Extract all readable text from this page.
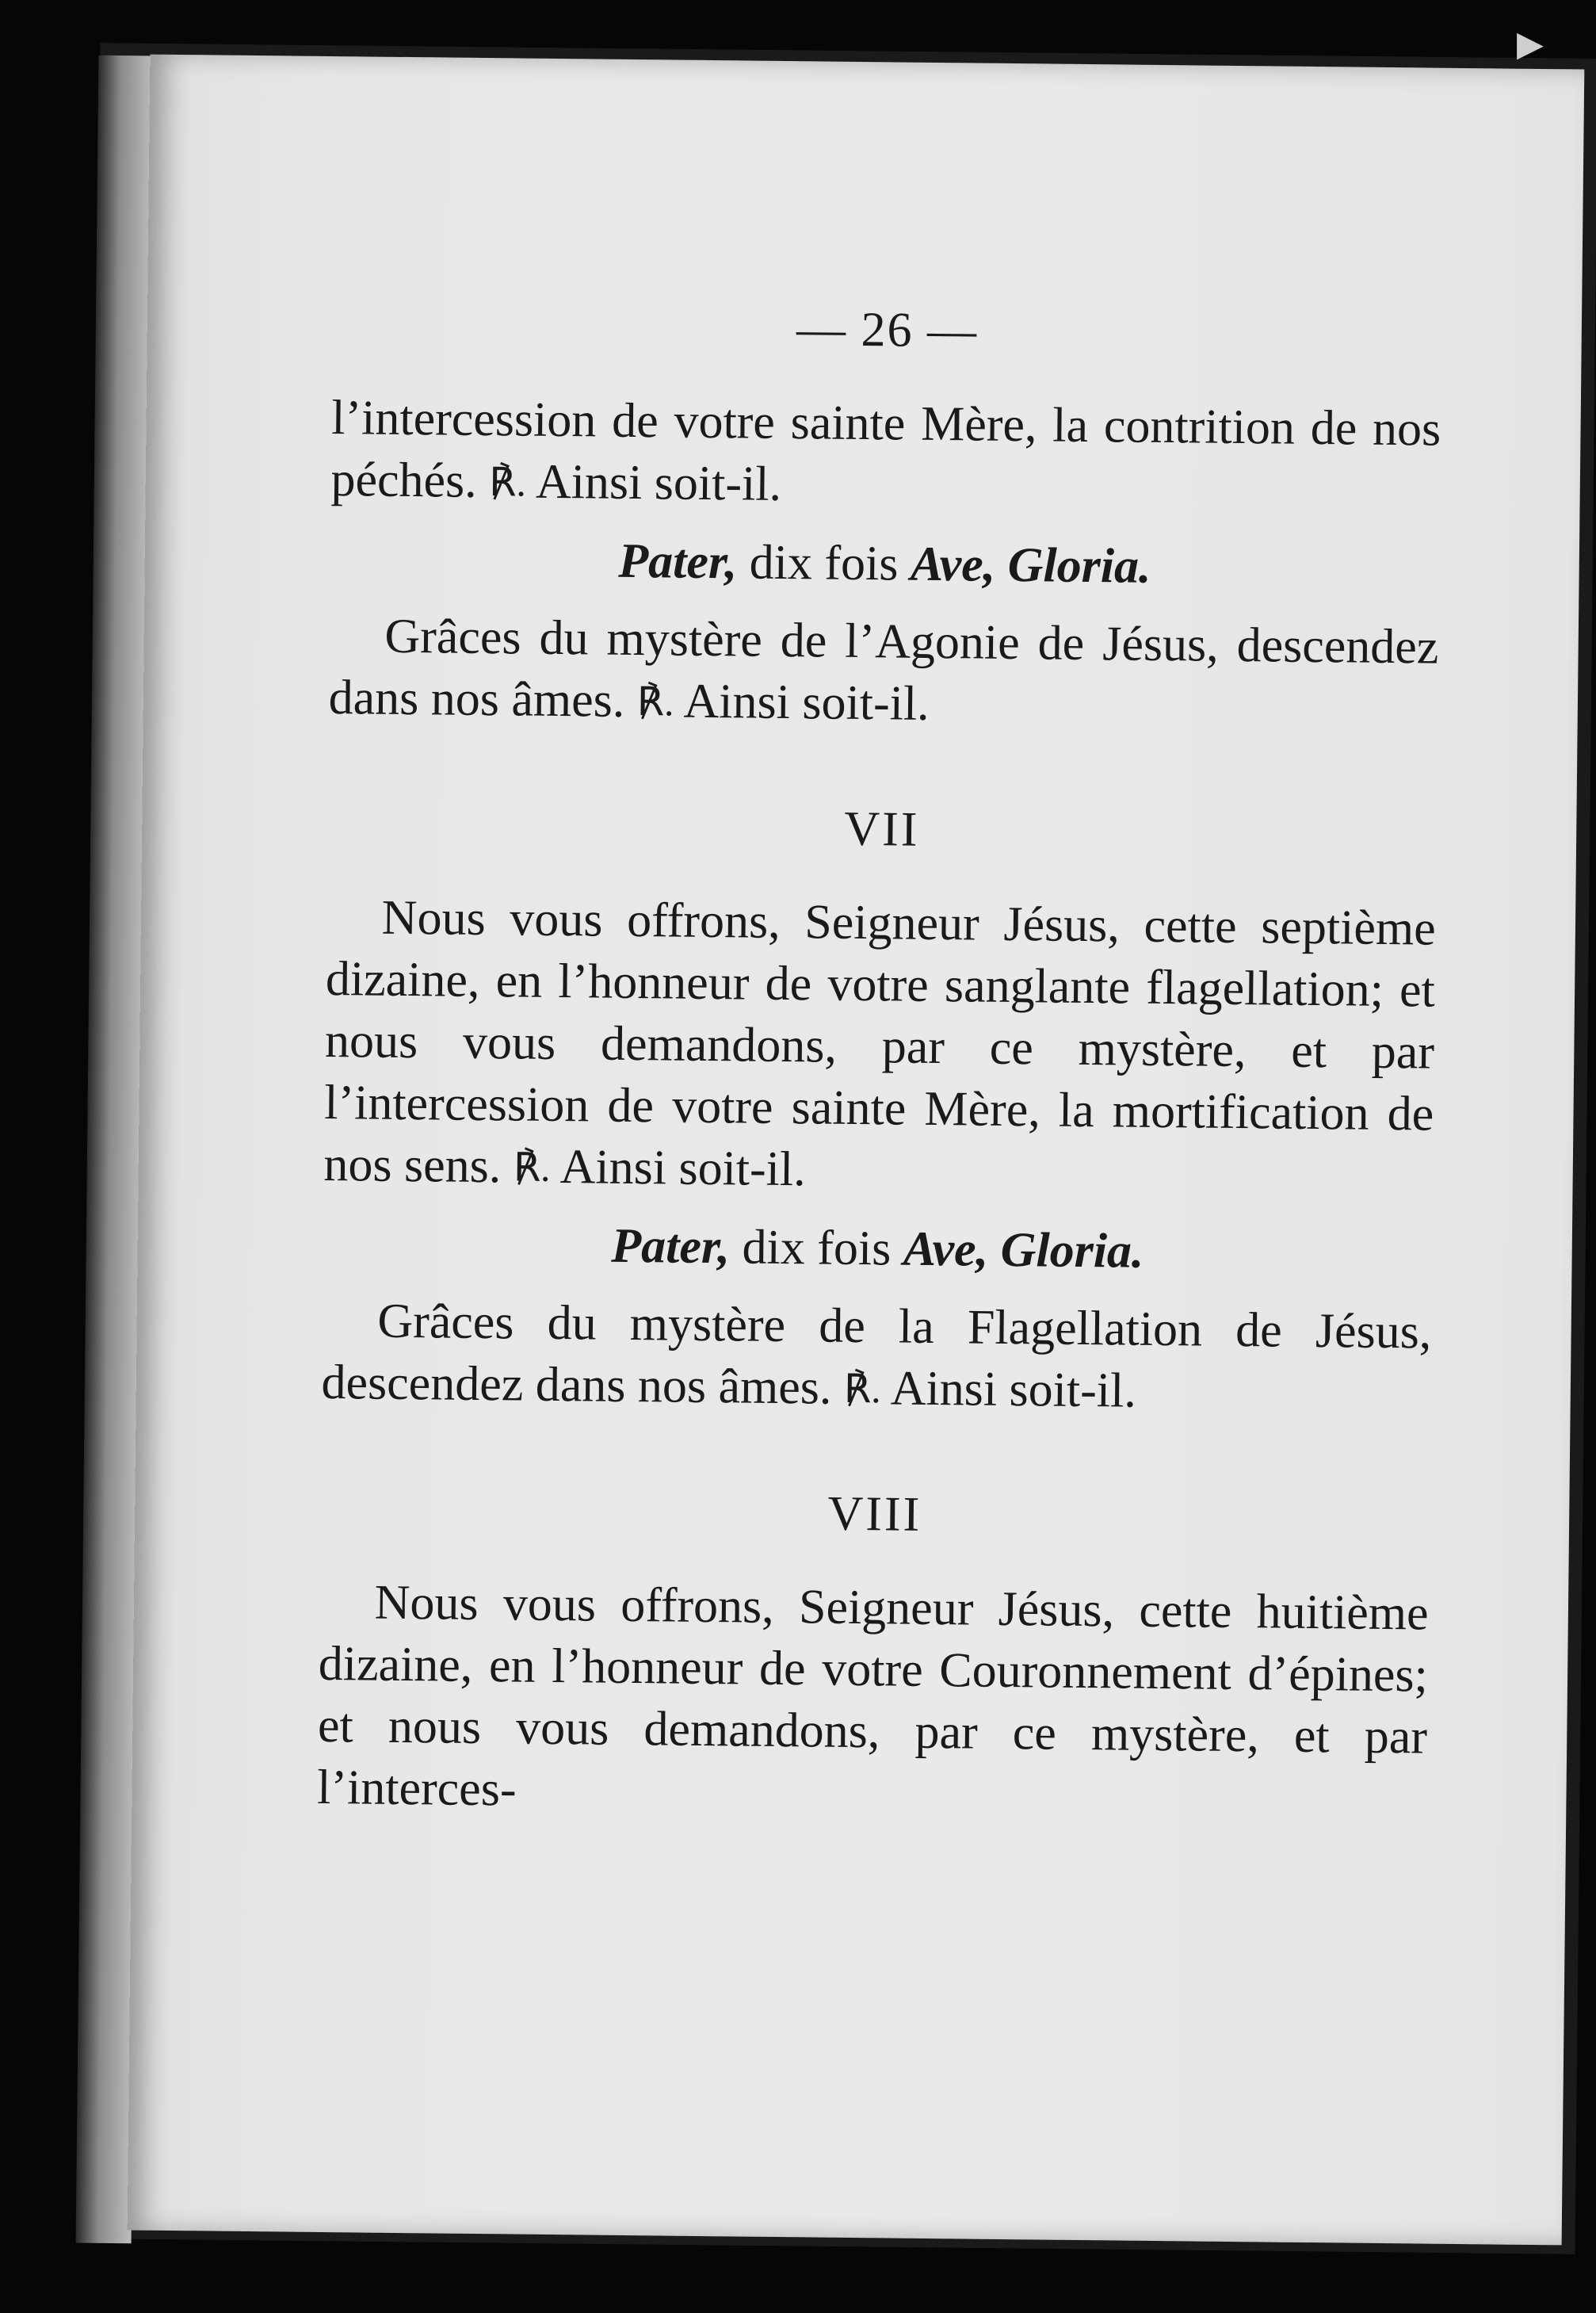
▶
— 26 —

l’intercession de votre sainte Mère, la contrition de nos péchés. ℟. Ainsi soit-il.

Pater, dix fois Ave, Gloria.

Grâces du mystère de l’Agonie de Jésus, descendez dans nos âmes. ℟. Ainsi soit-il.

VII

Nous vous offrons, Seigneur Jésus, cette septième dizaine, en l’honneur de votre sanglante flagellation; et nous vous demandons, par ce mystère, et par l’intercession de votre sainte Mère, la mortification de nos sens. ℟. Ainsi soit-il.

Pater, dix fois Ave, Gloria.

Grâces du mystère de la Flagellation de Jésus, descendez dans nos âmes. ℟. Ainsi soit-il.

VIII

Nous vous offrons, Seigneur Jésus, cette huitième dizaine, en l’honneur de votre Couronnement d’épines; et nous vous demandons, par ce mystère, et par l’interces-
